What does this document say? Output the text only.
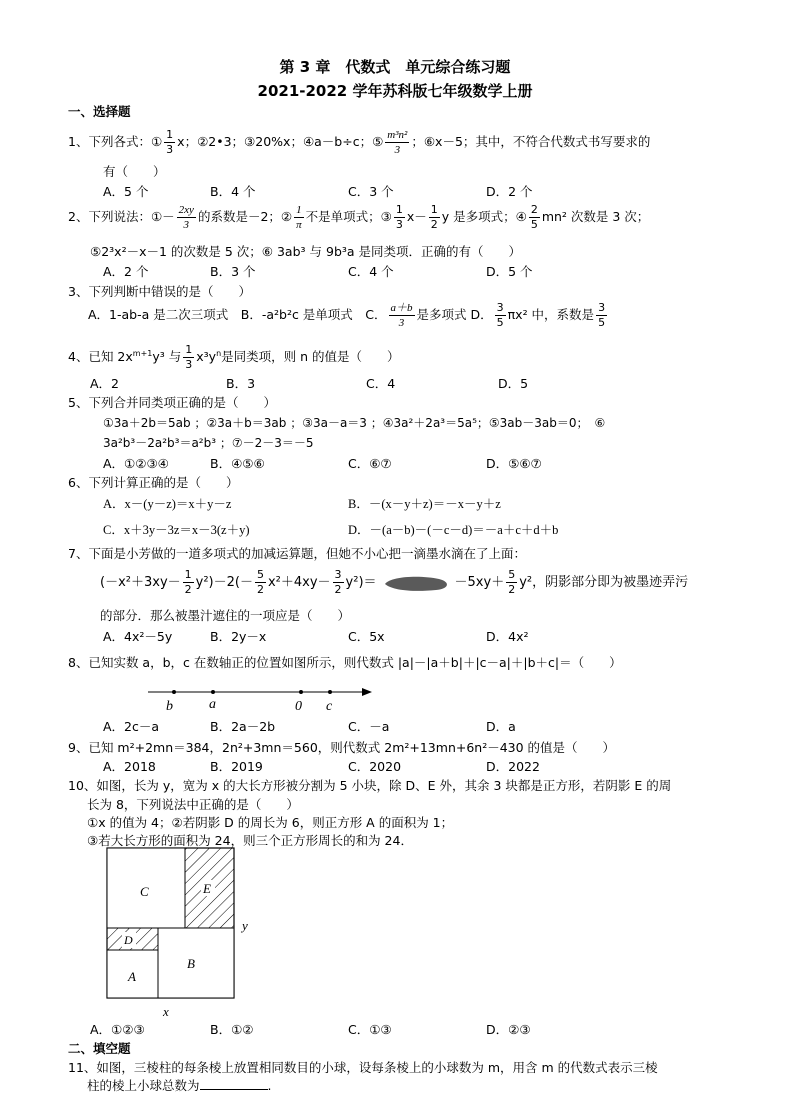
第 3 章　代数式　单元综合练习题
2021-2022 学年苏科版七年级数学上册
一、选择题
1、下列各式：① $\frac{1}{3}$ x；②2•3；③20%x；④a－b÷c；⑤ $\frac{\text{m³n²}}{3}$ ；⑥x－5；其中，不符合代数式书写要求的
有（　　）
A．5 个	B．4 个	C．3 个	D．2 个
2、下列说法：①－ $\frac{2xy}{3}$ 的系数是－2；② $\frac{1}{\pi}$ 不是单项式；③ $\frac{1}{3} x- \frac{1}{2}$ y 是多项式；④ $\frac{2}{5} mn^2$ 次数是 3 次；
⑤2³x²－x－1 的次数是 5 次；⑥ 3ab³ 与 9b³a 是同类项．正确的有（　　）
A．2 个	B．3 个	C．4 个	D．5 个
3、下列判断中错误的是（　　）
A．1-ab-a 是二次三项式　B．-a²b²c 是单项式　C． $\frac{a+b}{3}$ 是多项式 D． $\frac{3}{5} \pi x^2$ 中，系数是 $\frac{3}{5}$
4、已知 $2x^{m+1}y^3$ 与 $\frac{1}{3} x^3y^n$是同类项，则 n 的值是（　　）
A．2	B．3	C．4	D．5
5、下列合并同类项正确的是（　　）
①3a＋2b＝5ab ；②3a＋b＝3ab ；③3a－a＝3 ；④3a²＋2a³＝5a⁵；⑤3ab－3ab＝0；　⑥
3a²b³－2a²b³＝a²b³ ；⑦－2－3＝－5
A．①②③④	B．④⑤⑥	C．⑥⑦	D．⑤⑥⑦
6、下列计算正确的是（　　）
A．x－(y－z)＝x＋y－z	B．－(x－y＋z)＝－x－y＋z
C．x＋3y－3z＝x－3(z＋y)	D．－(a－b)－(－c－d)＝－a＋c＋d＋b
7、下面是小芳做的一道多项式的加减运算题，但她不小心把一滴墨水滴在了上面：
$(-x^2+3xy- \frac{1}{2} y^2)-2(- \frac{5}{2} x^2+4xy- \frac{3}{2} y^2)=$	$-5xy+ \frac{5}{2} y^2$，阴影部分即为被墨迹弄污
的部分．那么被墨汁遮住的一项应是（　　）
A．4x²－5y	B．2y－x	C．5x	D．4x²
8、已知实数 a，b，c 在数轴正的位置如图所示，则代数式 |a|－|a＋b|＋|c－a|＋|b＋c|＝（　　）
b	a	0 c
A．2c－a	B．2a－2b	C．－a	D．a
9、已知 m²+2mn＝384，2n²+3mn＝560，则代数式 2m²+13mn+6n²－430 的值是（　　）
A．2018	B．2019	C．2020	D．2022
10、如图，长为 y，宽为 x 的大长方形被分割为 5 小块，除 D、E 外，其余 3 块都是正方形，若阴影 E 的周
长为 8，下列说法中正确的是（　　）
①x 的值为 4；②若阴影 D 的周长为 6，则正方形 A 的面积为 1；
③若大长方形的面积为 24，则三个正方形周长的和为 24．
C	E
D
A
B
y
x
A．①②③	B．①②	C．①③	D．②③
二、填空题
11、如图，三棱柱的每条棱上放置相同数目的小球，设每条棱上的小球数为 m，用含 m 的代数式表示三棱
柱的棱上小球总数为	.
